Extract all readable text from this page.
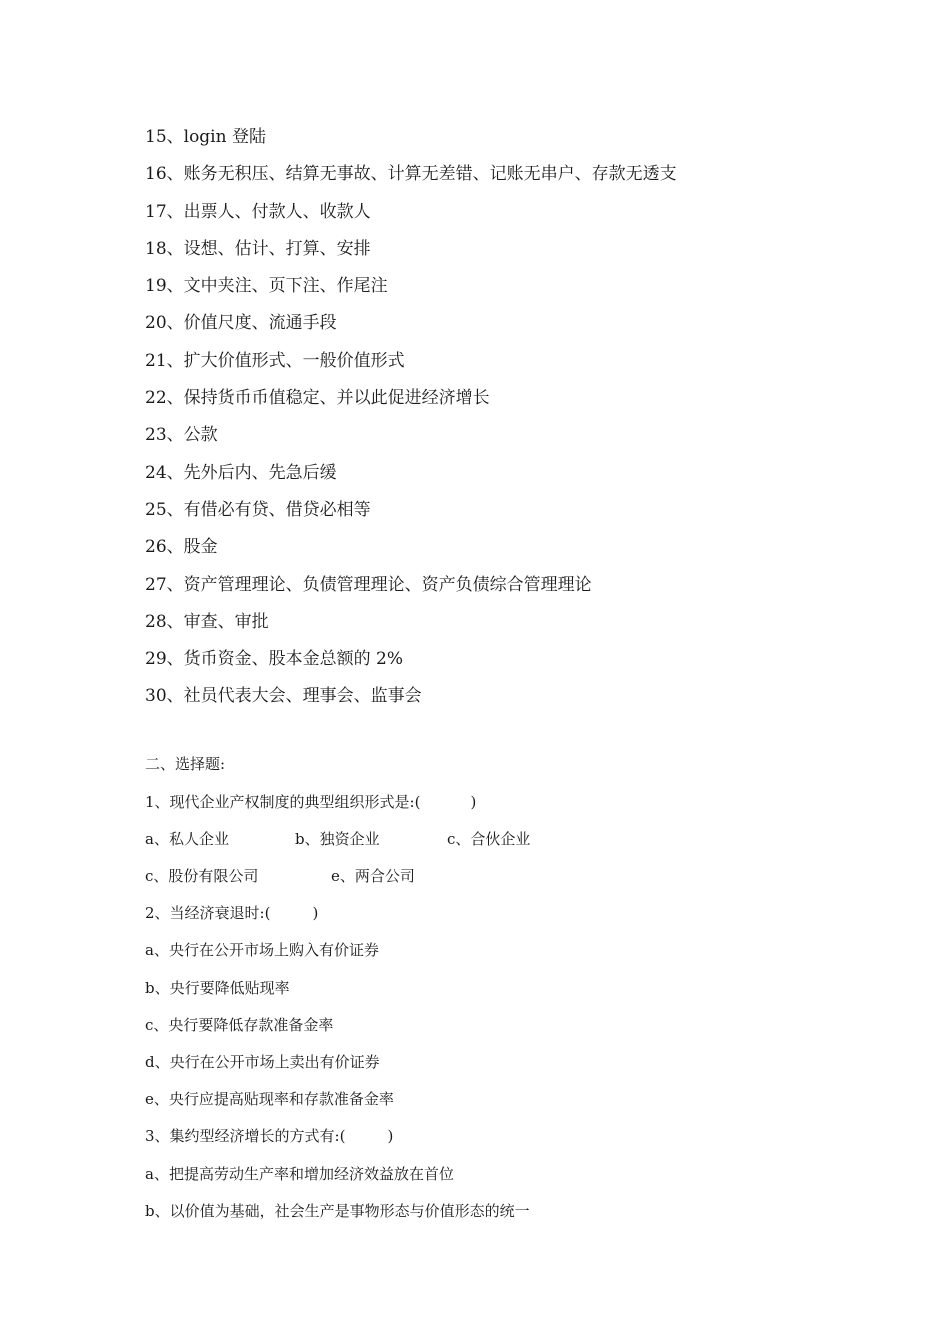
15、login 登陆
16、账务无积压、结算无事故、计算无差错、记账无串户、存款无透支
17、出票人、付款人、收款人
18、设想、估计、打算、安排
19、文中夹注、页下注、作尾注
20、价值尺度、流通手段
21、扩大价值形式、一般价值形式
22、保持货币币值稳定、并以此促进经济增长
23、公款
24、先外后内、先急后缓
25、有借必有贷、借贷必相等
26、股金
27、资产管理理论、负债管理理论、资产负债综合管理理论
28、审查、审批
29、货币资金、股本金总额的 2%
30、社员代表大会、理事会、监事会
二、选择题:
1、现代企业产权制度的典型组织形式是:(	)
a、私人企业	b、独资企业	c、合伙企业
c、股份有限公司	e、两合公司
2、当经济衰退时:(	)
a、央行在公开市场上购入有价证券
b、央行要降低贴现率
c、央行要降低存款准备金率
d、央行在公开市场上卖出有价证券
e、央行应提高贴现率和存款准备金率
3、集约型经济增长的方式有:(	)
a、把提高劳动生产率和增加经济效益放在首位
b、以价值为基础，社会生产是事物形态与价值形态的统一
